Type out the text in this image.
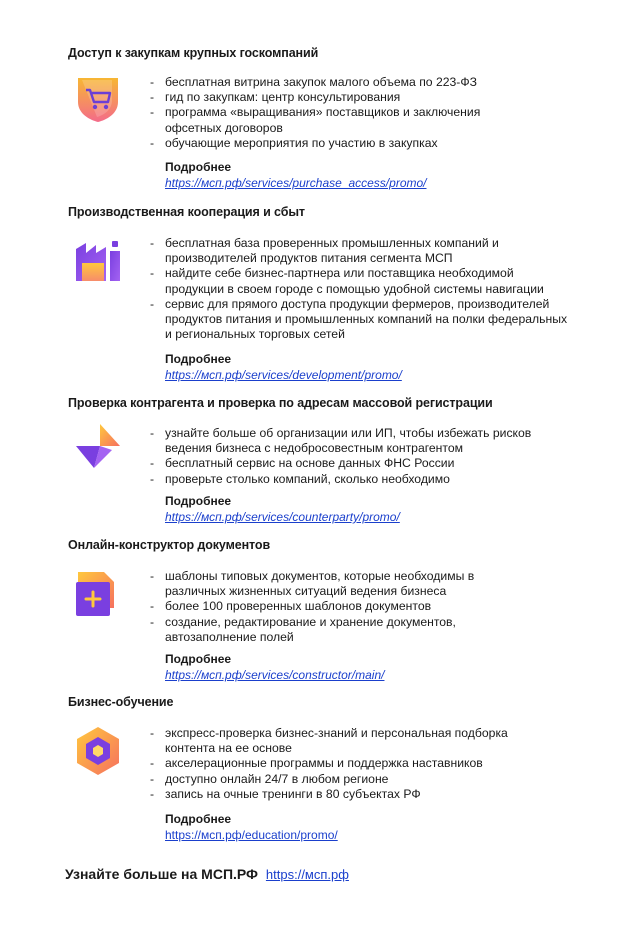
Доступ к закупкам крупных госкомпаний
- бесплатная витрина закупок малого объема по 223-ФЗ
- гид по закупкам: центр консультирования
- программа «выращивания» поставщиков и заключения офсетных договоров
- обучающие мероприятия по участию в закупках
Подробнее
https://мсп.рф/services/purchase_access/promo/
Производственная кооперация и сбыт
- бесплатная база проверенных промышленных компаний и производителей продуктов питания сегмента МСП
- найдите себе бизнес-партнера или поставщика необходимой продукции в своем городе с помощью удобной системы навигации
- сервис для прямого доступа продукции фермеров, производителей продуктов питания и промышленных компаний на полки федеральных и региональных торговых сетей
Подробнее
https://мсп.рф/services/development/promo/
Проверка контрагента и проверка по адресам массовой регистрации
- узнайте больше об организации или ИП, чтобы избежать рисков ведения бизнеса с недобросовестным контрагентом
- бесплатный сервис на основе данных ФНС России
- проверьте столько компаний, сколько необходимо
Подробнее
https://мсп.рф/services/counterparty/promo/
Онлайн-конструктор документов
- шаблоны типовых документов, которые необходимы в различных жизненных ситуаций ведения бизнеса
- более 100 проверенных шаблонов документов
- создание, редактирование и хранение документов, автозаполнение полей
Подробнее
https://мсп.рф/services/constructor/main/
Бизнес-обучение
- экспресс-проверка бизнес-знаний и персональная подборка контента на ее основе
- акселерационные программы и поддержка наставников
- доступно онлайн 24/7 в любом регионе
- запись на очные тренинги в 80 субъектах РФ
Подробнее
https://мсп.рф/education/promo/
Узнайте больше на МСП.РФ https://мсп.рф
